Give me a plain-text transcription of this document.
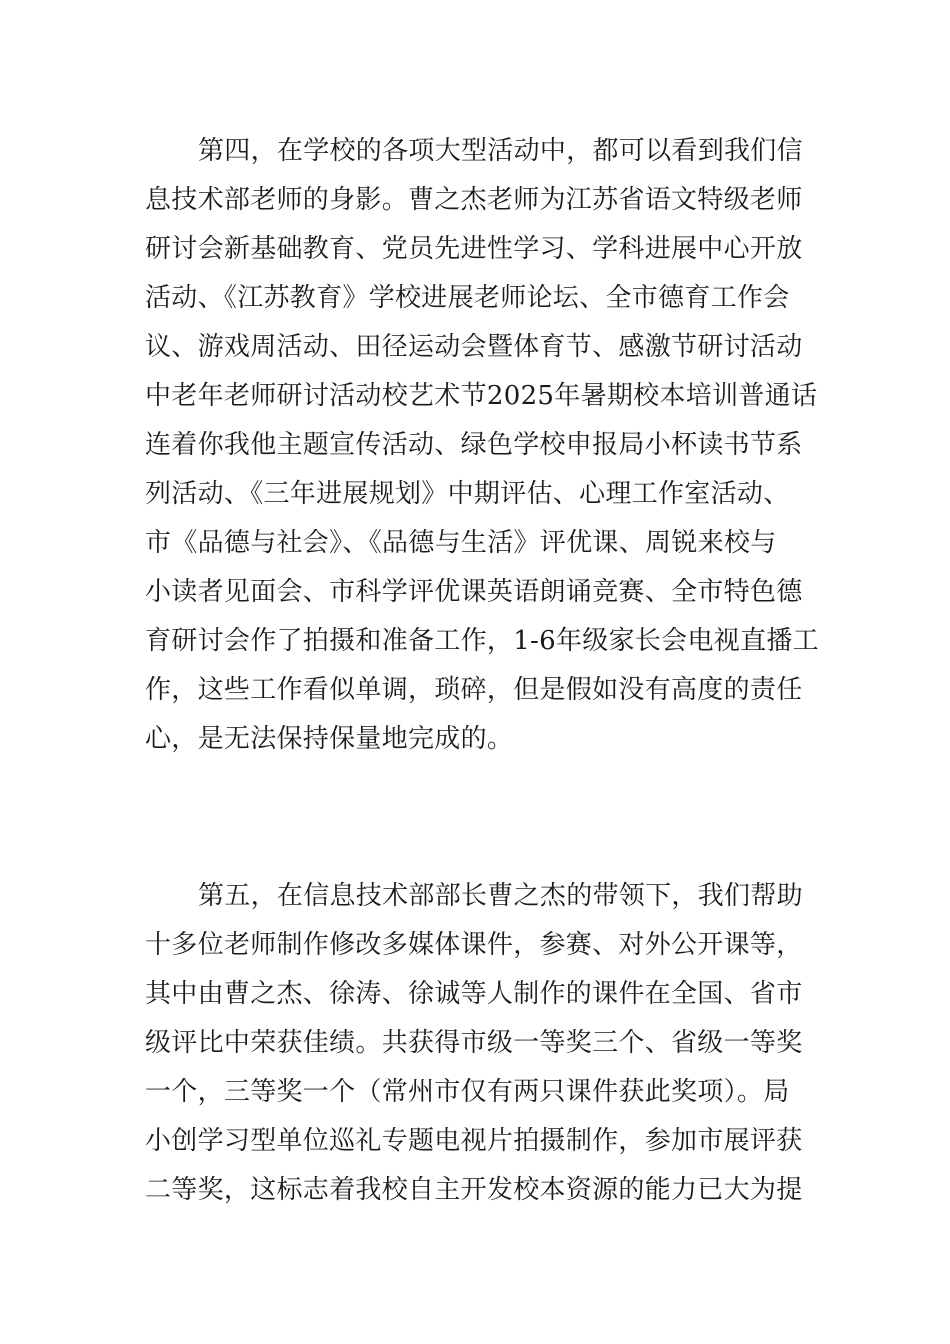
第四，在学校的各项大型活动中，都可以看到我们信
息技术部老师的身影。曹之杰老师为江苏省语文特级老师
研讨会新基础教育、党员先进性学习、学科进展中心开放
活动、《江苏教育》学校进展老师论坛、全市德育工作会
议、游戏周活动、田径运动会暨体育节、感激节研讨活动
中老年老师研讨活动校艺术节2025年暑期校本培训普通话
连着你我他主题宣传活动、绿色学校申报局小杯读书节系
列活动、《三年进展规划》中期评估、心理工作室活动、
市《品德与社会》、《品德与生活》评优课、周锐来校与
小读者见面会、市科学评优课英语朗诵竞赛、全市特色德
育研讨会作了拍摄和准备工作，1-6年级家长会电视直播工
作，这些工作看似单调，琐碎，但是假如没有高度的责任
心，是无法保持保量地完成的。
第五，在信息技术部部长曹之杰的带领下，我们帮助
十多位老师制作修改多媒体课件，参赛、对外公开课等，
其中由曹之杰、徐涛、徐诚等人制作的课件在全国、省市
级评比中荣获佳绩。共获得市级一等奖三个、省级一等奖
一个，三等奖一个（常州市仅有两只课件获此奖项）。局
小创学习型单位巡礼专题电视片拍摄制作，参加市展评获
二等奖，这标志着我校自主开发校本资源的能力已大为提
